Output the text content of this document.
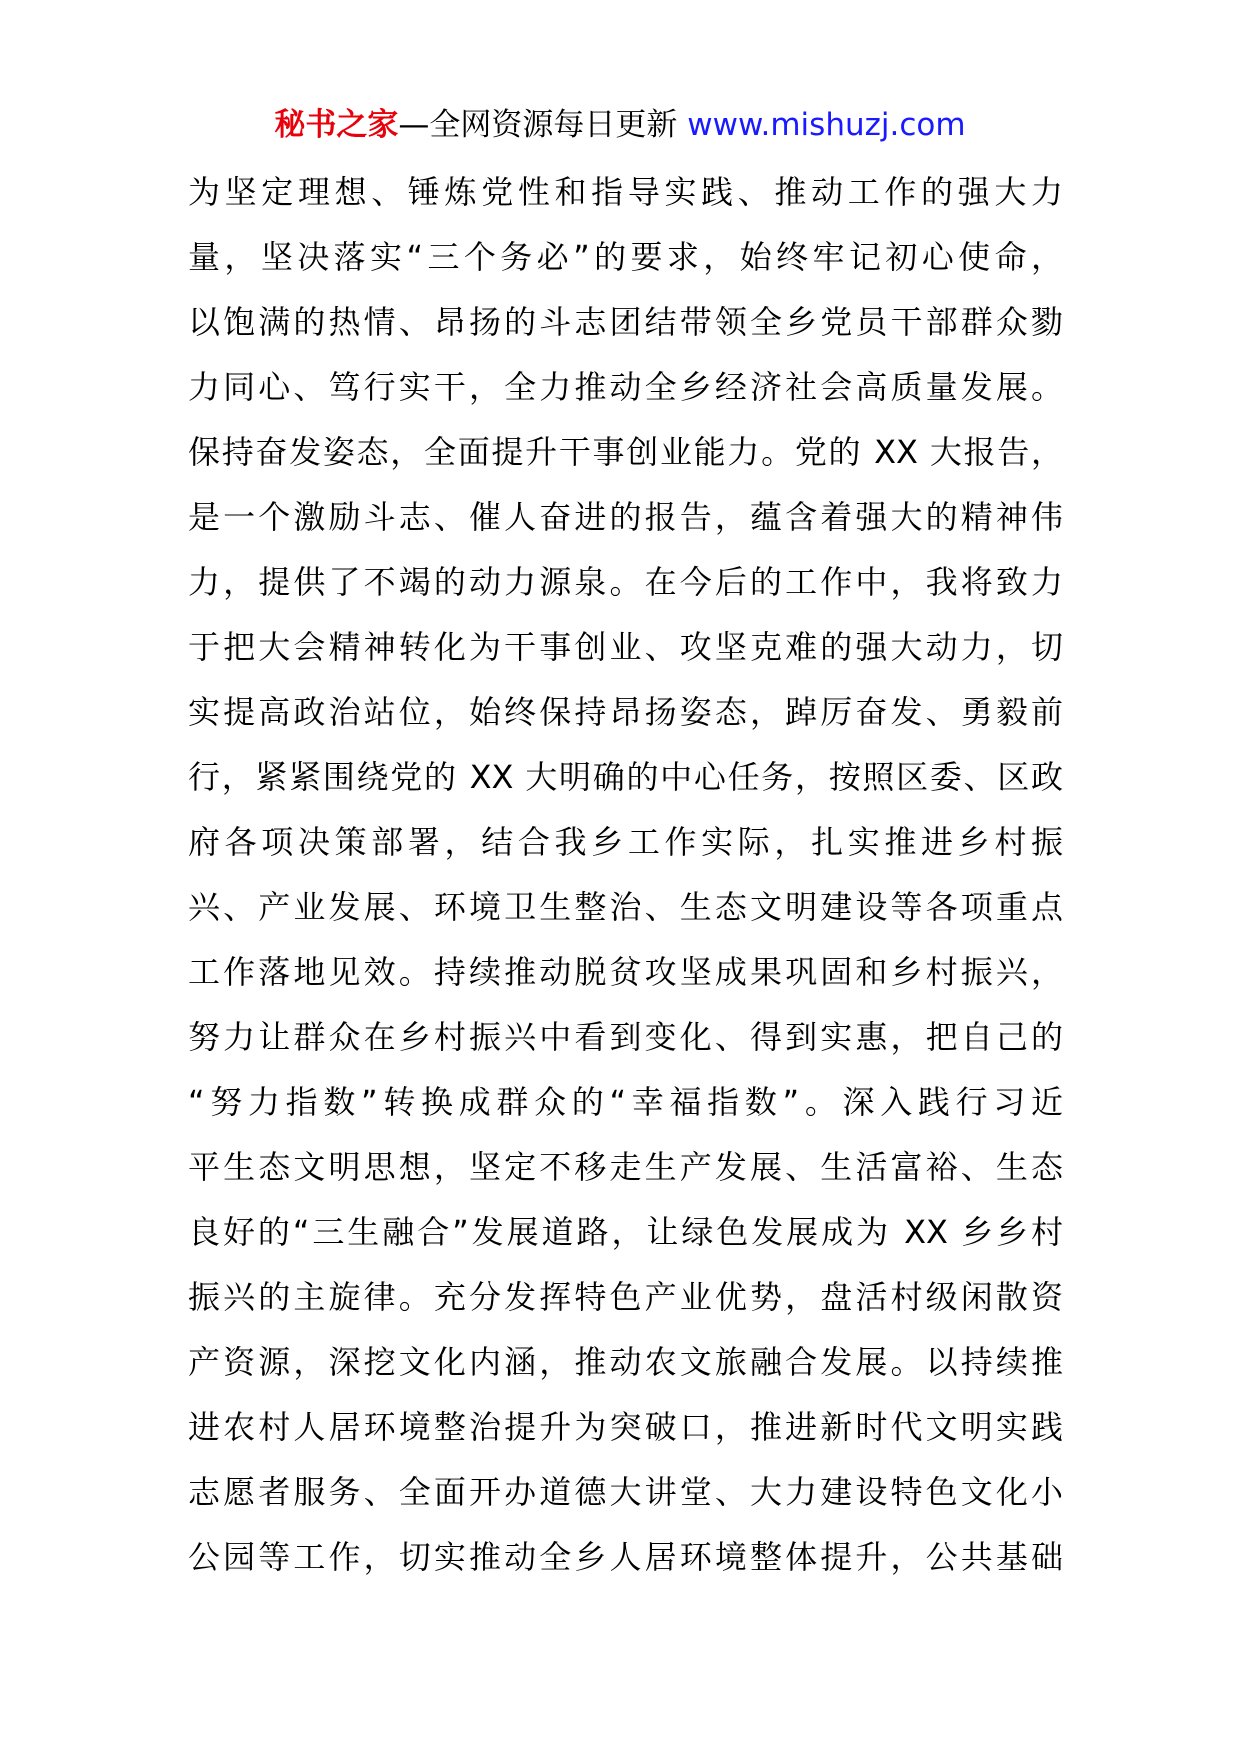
秘书之家—全网资源每日更新 www.mishuzj.com
为坚定理想、锤炼党性和指导实践、推动工作的强大力
量，坚决落实“三个务必”的要求，始终牢记初心使命，
以饱满的热情、昂扬的斗志团结带领全乡党员干部群众勠
力同心、笃行实干，全力推动全乡经济社会高质量发展。
保持奋发姿态，全面提升干事创业能力。党的 XX 大报告，
是一个激励斗志、催人奋进的报告，蕴含着强大的精神伟
力，提供了不竭的动力源泉。在今后的工作中，我将致力
于把大会精神转化为干事创业、攻坚克难的强大动力，切
实提高政治站位，始终保持昂扬姿态，踔厉奋发、勇毅前
行，紧紧围绕党的 XX 大明确的中心任务，按照区委、区政
府各项决策部署，结合我乡工作实际，扎实推进乡村振
兴、产业发展、环境卫生整治、生态文明建设等各项重点
工作落地见效。持续推动脱贫攻坚成果巩固和乡村振兴，
努力让群众在乡村振兴中看到变化、得到实惠，把自己的
“努力指数”转换成群众的“幸福指数”。深入践行习近
平生态文明思想，坚定不移走生产发展、生活富裕、生态
良好的“三生融合”发展道路，让绿色发展成为 XX 乡乡村
振兴的主旋律。充分发挥特色产业优势，盘活村级闲散资
产资源，深挖文化内涵，推动农文旅融合发展。以持续推
进农村人居环境整治提升为突破口，推进新时代文明实践
志愿者服务、全面开办道德大讲堂、大力建设特色文化小
公园等工作，切实推动全乡人居环境整体提升，公共基础
